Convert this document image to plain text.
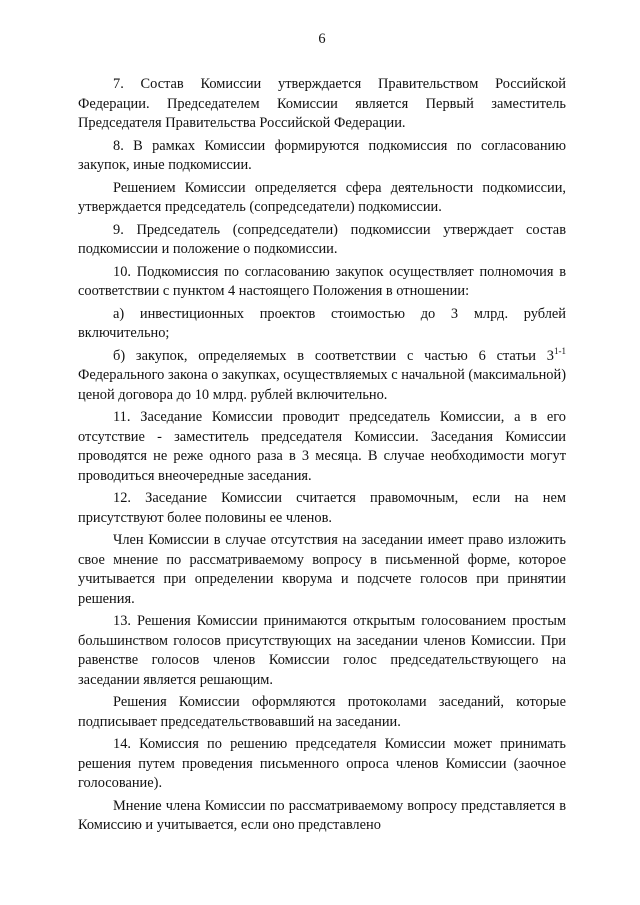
6

7. Состав Комиссии утверждается Правительством Российской Федерации. Председателем Комиссии является Первый заместитель Председателя Правительства Российской Федерации.

8. В рамках Комиссии формируются подкомиссия по согласованию закупок, иные подкомиссии.

Решением Комиссии определяется сфера деятельности подкомиссии, утверждается председатель (сопредседатели) подкомиссии.

9. Председатель (сопредседатели) подкомиссии утверждает состав подкомиссии и положение о подкомиссии.

10. Подкомиссия по согласованию закупок осуществляет полномочия в соответствии с пунктом 4 настоящего Положения в отношении:

а) инвестиционных проектов стоимостью до 3 млрд. рублей включительно;

б) закупок, определяемых в соответствии с частью 6 статьи 3$^{1-1}$ Федерального закона о закупках, осуществляемых с начальной (максимальной) ценой договора до 10 млрд. рублей включительно.

11. Заседание Комиссии проводит председатель Комиссии, а в его отсутствие - заместитель председателя Комиссии. Заседания Комиссии проводятся не реже одного раза в 3 месяца. В случае необходимости могут проводиться внеочередные заседания.

12. Заседание Комиссии считается правомочным, если на нем присутствуют более половины ее членов.

Член Комиссии в случае отсутствия на заседании имеет право изложить свое мнение по рассматриваемому вопросу в письменной форме, которое учитывается при определении кворума и подсчете голосов при принятии решения.

13. Решения Комиссии принимаются открытым голосованием простым большинством голосов присутствующих на заседании членов Комиссии. При равенстве голосов членов Комиссии голос председательствующего на заседании является решающим.

Решения Комиссии оформляются протоколами заседаний, которые подписывает председательствовавший на заседании.

14. Комиссия по решению председателя Комиссии может принимать решения путем проведения письменного опроса членов Комиссии (заочное голосование).

Мнение члена Комиссии по рассматриваемому вопросу представляется в Комиссию и учитывается, если оно представлено
